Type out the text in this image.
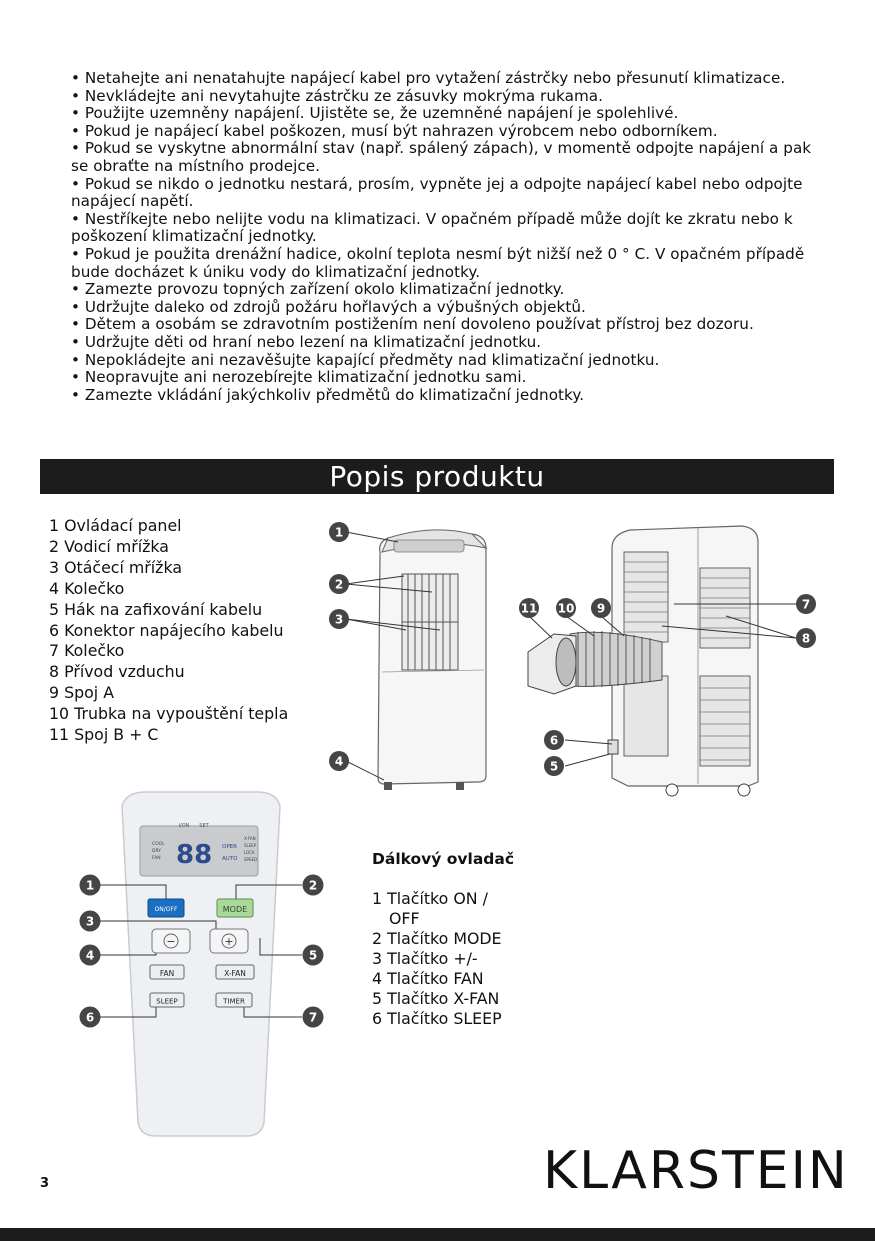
• Netahejte ani nenatahujte napájecí kabel pro vytažení zástrčky nebo přesunutí klimatizace.
• Nevkládejte ani nevytahujte zástrčku ze zásuvky mokrýma rukama.
• Použijte uzemněny napájení. Ujistěte se, že uzemněné napájení je spolehlivé.
• Pokud je napájecí kabel poškozen, musí být nahrazen výrobcem nebo odborníkem.
• Pokud se vyskytne abnormální stav (např. spálený zápach), v momentě odpojte napájení a pak se obraťte na místního prodejce.
• Pokud se nikdo o jednotku nestará, prosím, vypněte jej a odpojte napájecí kabel nebo odpojte napájecí napětí.
• Nestříkejte nebo nelijte vodu na klimatizaci. V opačném případě může dojít ke zkratu nebo k poškození klimatizační jednotky.
• Pokud je použita drenážní hadice, okolní teplota nesmí být nižší než 0 ° C. V opačném případě bude docházet k úniku vody do klimatizační jednotky.
• Zamezte provozu topných zařízení okolo klimatizační jednotky.
• Udržujte daleko od zdrojů požáru hořlavých a výbušných objektů.
• Dětem a osobám se zdravotním postižením není dovoleno používat přístroj bez dozoru.
• Udržujte děti od hraní nebo lezení na klimatizační jednotku.
• Nepokládejte ani nezavěšujte kapající předměty nad klimatizační jednotku.
• Neopravujte ani nerozebírejte klimatizační jednotku sami.
• Zamezte vkládání jakýchkoliv předmětů do klimatizační jednotky.
Popis produktu
1 Ovládací panel
2 Vodicí mřížka
3 Otáčecí mřížka
4 Kolečko
5 Hák na zafixování kabelu
6 Konektor napájecího kabelu
7 Kolečko
8 Přívod vzduchu
9 Spoj A
10 Trubka na vypouštění tepla
11 Spoj B + C
1
2
3
4
11 10 9	7
8
6
5
I/ON SET
COOL
DRY
FAN 88 OPER
AUTO
X-FAN
SLEEP
LOCK
SPEED
ON/OFF	MODE
−	+
FAN	X-FAN
SLEEP	TIMER
1	2
3
4	5
6	7
Dálkový ovladač
1 Tlačítko ON / OFF
2 Tlačítko MODE
3 Tlačítko +/-
4 Tlačítko FAN
5 Tlačítko X-FAN
6 Tlačítko SLEEP
3	KLARSTEIN
